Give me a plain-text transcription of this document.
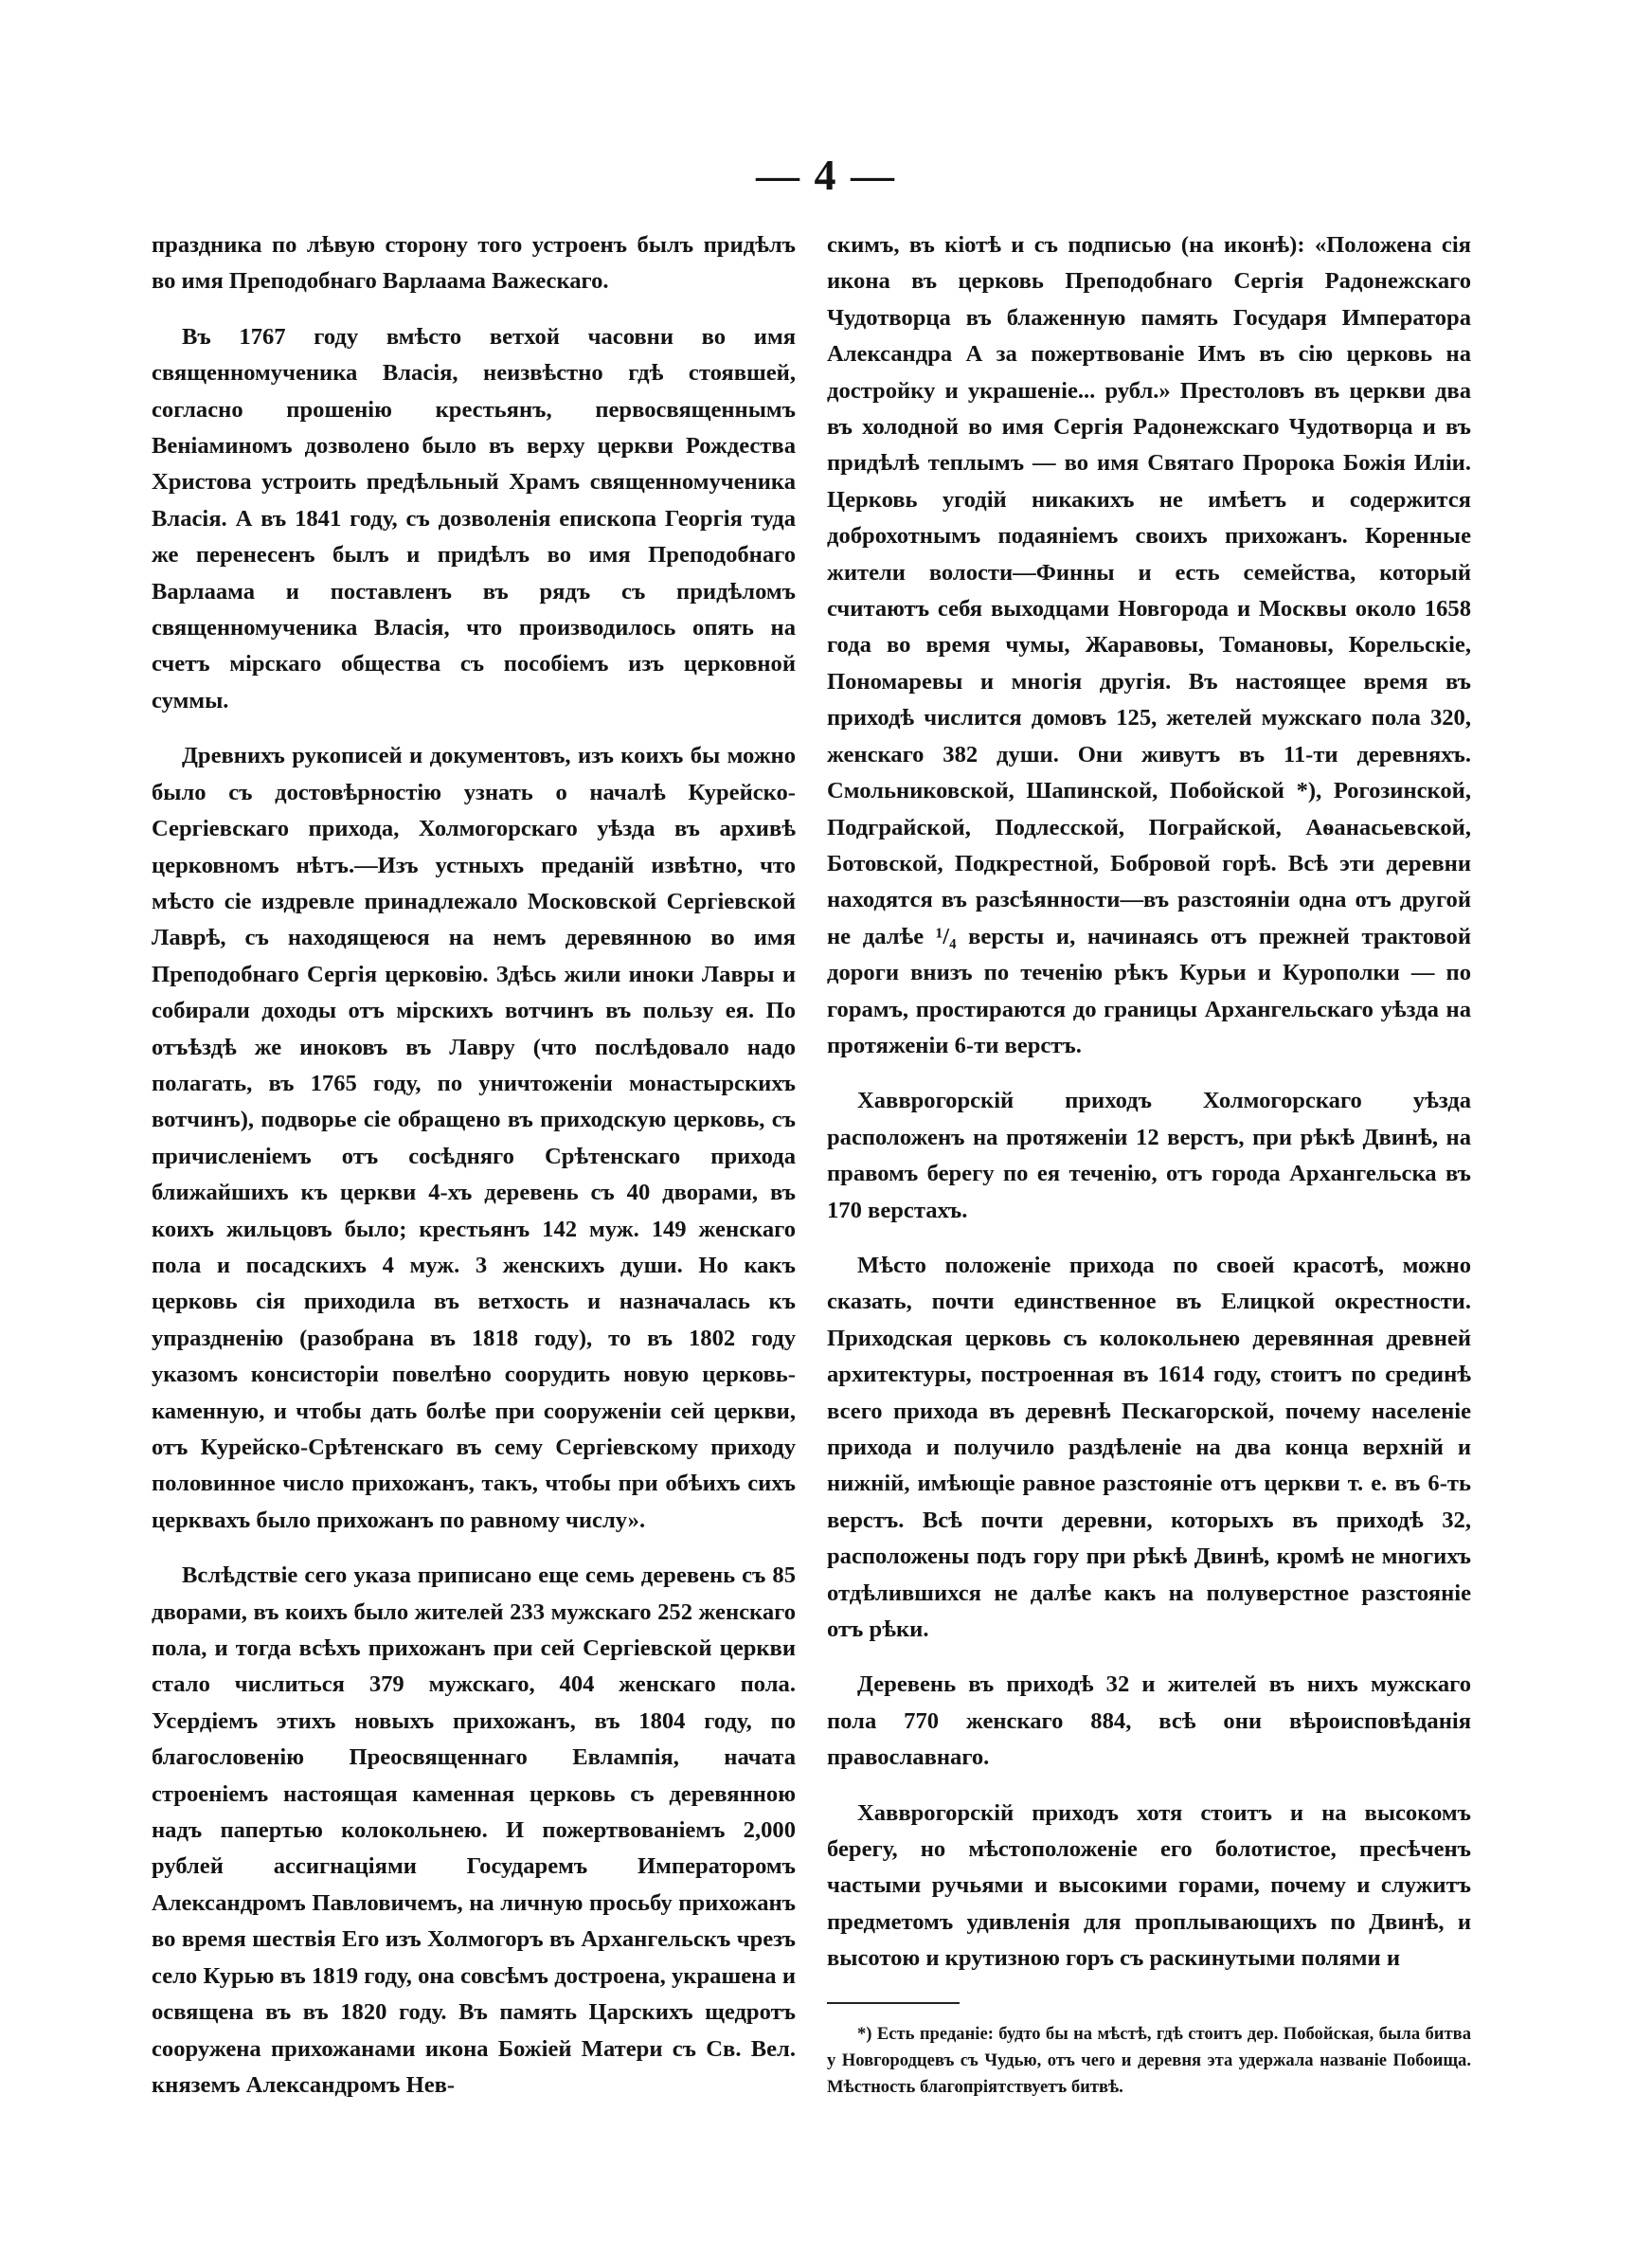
— 4 —

праздника по лѣвую сторону того устроенъ былъ придѣлъ во имя Преподобнаго Варлаама Важескаго.

Въ 1767 году вмѣсто ветхой часовни во имя священномученика Власія, неизвѣстно гдѣ стоявшей, согласно прошенію крестьянъ, первосвященнымъ Веніаминомъ дозволено было въ верху церкви Рождества Христова устроить предѣльный Храмъ священномученика Власія. А въ 1841 году, съ дозволенія епископа Георгія туда же перенесенъ былъ и придѣлъ во имя Преподобнаго Варлаама и поставленъ въ рядъ съ придѣломъ священномученика Власія, что производилось опять на счетъ мірскаго общества съ пособіемъ изъ церковной суммы.

Древнихъ рукописей и документовъ, изъ коихъ бы можно было съ достовѣрностію узнать о началѣ Курейско-Сергіевскаго прихода, Холмогорскаго уѣзда въ архивѣ церковномъ нѣтъ.—Изъ устныхъ преданій извѣтно, что мѣсто сіе издревле принадлежало Московской Сергіевской Лаврѣ, съ находящеюся на немъ деревянною во имя Преподобнаго Сергія церковію. Здѣсь жили иноки Лавры и собирали доходы отъ мірскихъ вотчинъ въ пользу ея. По отъѣздѣ же иноковъ въ Лавру (что послѣдовало надо полагать, въ 1765 году, по уничтоженіи монастырскихъ вотчинъ), подворье сіе обращено въ приходскую церковь, съ причисленіемъ отъ сосѣдняго Срѣтенскаго прихода ближайшихъ къ церкви 4-хъ деревень съ 40 дворами, въ коихъ жильцовъ было; крестьянъ 142 муж. 149 женскаго пола и посадскихъ 4 муж. 3 женскихъ души. Но какъ церковь сія приходила въ ветхость и назначалась къ упраздненію (разобрана въ 1818 году), то въ 1802 году указомъ консисторіи повелѣно соорудить новую церковь-каменную, и чтобы дать болѣе при сооруженіи сей церкви, отъ Курейско-Срѣтенскаго въ сему Сергіевскому приходу половинное число прихожанъ, такъ, чтобы при обѣихъ сихъ церквахъ было прихожанъ по равному числу».

Вслѣдствіе сего указа приписано еще семь деревень съ 85 дворами, въ коихъ было жителей 233 мужскаго 252 женскаго пола, и тогда всѣхъ прихожанъ при сей Сергіевской церкви стало числиться 379 мужскаго, 404 женскаго пола. Усердіемъ этихъ новыхъ прихожанъ, въ 1804 году, по благословенію Преосвященнаго Евлампія, начата строеніемъ настоящая каменная церковь съ деревянною надъ папертью колокольнею. И пожертвованіемъ 2,000 рублей ассигнаціями Государемъ Императоромъ Александромъ Павловичемъ, на личную просьбу прихожанъ во время шествія Его изъ Холмогоръ въ Архангельскъ чрезъ село Курью въ 1819 году, она совсѣмъ достроена, украшена и освящена въ въ 1820 году. Въ память Царскихъ щедротъ сооружена прихожанами икона Божіей Матери съ Св. Вел. княземъ Александромъ Нев-

скимъ, въ кіотѣ и съ подписью (на иконѣ): «Положена сія икона въ церковь Преподобнаго Сергія Радонежскаго Чудотворца въ блаженную память Государя Императора Александра А за пожертвованіе Имъ въ сію церковь на достройку и украшеніе... рубл.» Престоловъ въ церкви два въ холодной во имя Сергія Радонежскаго Чудотворца и въ придѣлѣ теплымъ — во имя Святаго Пророка Божія Иліи. Церковь угодій никакихъ не имѣетъ и содержится доброхотнымъ подаяніемъ своихъ прихожанъ. Коренные жители волости—Финны и есть семейства, который считаютъ себя выходцами Новгорода и Москвы около 1658 года во время чумы, Жаравовы, Томановы, Корельскіе, Пономаревы и многія другія. Въ настоящее время въ приходѣ числится домовъ 125, жетелей мужскаго пола 320, женскаго 382 души. Они живутъ въ 11-ти деревняхъ. Смольниковской, Шапинской, Побойской *), Рогозинской, Подграйской, Подлесской, Пограйской, Аѳанасьевской, Ботовской, Подкрестной, Бобровой горѣ. Всѣ эти деревни находятся въ разсѣянности—въ разстояніи одна отъ другой не далѣе ¹/₄ версты и, начинаясь отъ прежней трактовой дороги внизъ по теченію рѣкъ Курьи и Куропол​ки — по горамъ, простираются до границы Архангельскаго уѣзда на протяженіи 6-ти верстъ.

Хавврогорскій приходъ Холмогорскаго уѣзда расположенъ на протяженіи 12 верстъ, при рѣкѣ Двинѣ, на правомъ берегу по ея теченію, отъ города Архангельска въ 170 верстахъ.

Мѣсто положеніе прихода по своей красотѣ, можно сказать, почти единственное въ Елицкой окрестности. Приходская церковь съ колокольнею деревянная древней архитектуры, построенная въ 1614 году, стоитъ по срединѣ всего прихода въ деревнѣ Пескагорской, почему населеніе прихода и получило раздѣленіе на два конца верхній и нижній, имѣющіе равное разстояніе отъ церкви т. е. въ 6-ть верстъ. Всѣ почти деревни, которыхъ въ приходѣ 32, расположены подъ гору при рѣкѣ Двинѣ, кромѣ не многихъ отдѣлившихся не далѣе какъ на полуверстное разстояніе отъ рѣки.

Деревень въ приходѣ 32 и жителей въ нихъ мужскаго пола 770 женскаго 884, всѣ они вѣроисповѣданія православнаго.

Хавврогорскій приходъ хотя стоитъ и на высокомъ берегу, но мѣстоположеніе его болотистое, пресѣченъ частыми ручьями и высокими горами, почему и служитъ предметомъ удивленія для проплывающихъ по Двинѣ, и высотою и крутизною горъ съ раскинутыми полями и

*) Есть преданіе: будто бы на мѣстѣ, гдѣ стоитъ дер. Побойская, была битва у Новгородцевъ съ Чудью, отъ чего и деревня эта удержала названіе Побоища. Мѣстность благопріятствуетъ битвѣ.
